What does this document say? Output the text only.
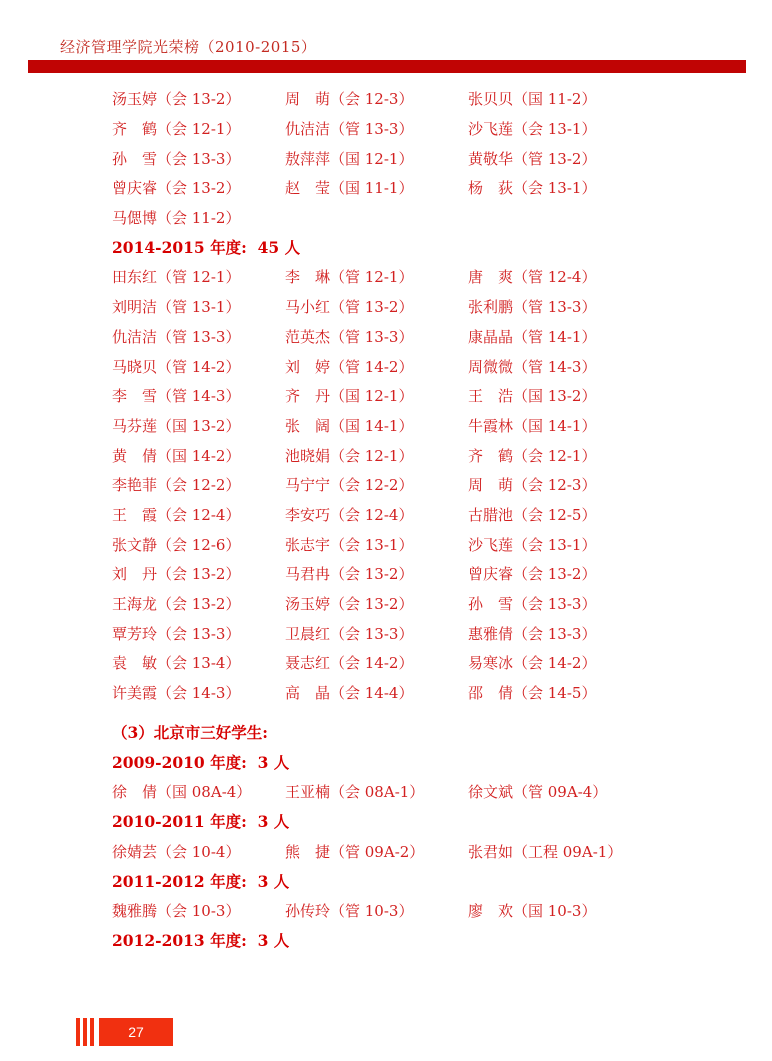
经济管理学院光荣榜（2010-2015）
汤玉婷（会 13-2）	周　萌（会 12-3）	张贝贝（国 11-2）
齐　鹤（会 12-1）	仇洁洁（管 13-3）	沙飞莲（会 13-1）
孙　雪（会 13-3）	敖萍萍（国 12-1）	黄敬华（管 13-2）
曾庆睿（会 13-2）	赵　莹（国 11-1）	杨　荻（会 13-1）
马偲博（会 11-2）
2014-2015 年度:  45 人
田东红（管 12-1）	李　琳（管 12-1）	唐　爽（管 12-4）
刘明洁（管 13-1）	马小红（管 13-2）	张利鹏（管 13-3）
仇洁洁（管 13-3）	范英杰（管 13-3）	康晶晶（管 14-1）
马晓贝（管 14-2）	刘　婷（管 14-2）	周微微（管 14-3）
李　雪（管 14-3）	齐　丹（国 12-1）	王　浩（国 13-2）
马芬莲（国 13-2）	张　阔（国 14-1）	牛霞林（国 14-1）
黄　倩（国 14-2）	池晓娟（会 12-1）	齐　鹤（会 12-1）
李艳菲（会 12-2）	马宁宁（会 12-2）	周　萌（会 12-3）
王　霞（会 12-4）	李安巧（会 12-4）	古腊池（会 12-5）
张文静（会 12-6）	张志宇（会 13-1）	沙飞莲（会 13-1）
刘　丹（会 13-2）	马君冉（会 13-2）	曾庆睿（会 13-2）
王海龙（会 13-2）	汤玉婷（会 13-2）	孙　雪（会 13-3）
覃芳玲（会 13-3）	卫晨红（会 13-3）	惠雅倩（会 13-3）
袁　敏（会 13-4）	聂志红（会 14-2）	易寒冰（会 14-2）
许美霞（会 14-3）	高　晶（会 14-4）	邵　倩（会 14-5）
（3）北京市三好学生:
2009-2010 年度:  3 人
徐　倩（国 08A-4）	王亚楠（会 08A-1）	徐文斌（管 09A-4）
2010-2011 年度:  3 人
徐婧芸（会 10-4）	熊　捷（管 09A-2）	张君如（工程 09A-1）
2011-2012 年度:  3 人
魏雅腾（会 10-3）	孙传玲（管 10-3）	廖　欢（国 10-3）
2012-2013 年度:  3 人
27
